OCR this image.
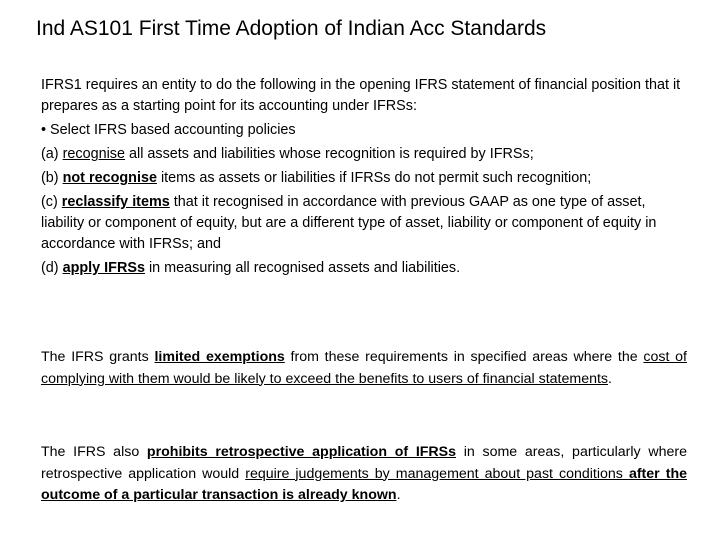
Ind AS101 First Time Adoption of Indian Acc Standards

IFRS1 requires an entity to do the following in the opening IFRS statement of financial position that it prepares as a starting point for its accounting under IFRSs:

• Select IFRS based accounting policies

(a) recognise all assets and liabilities whose recognition is required by IFRSs;

(b) not recognise items as assets or liabilities if IFRSs do not permit such recognition;

(c) reclassify items that it recognised in accordance with previous GAAP as one type of asset, liability or component of equity, but are a different type of asset, liability or component of equity in accordance with IFRSs; and

(d) apply IFRSs in measuring all recognised assets and liabilities.

The IFRS grants limited exemptions from these requirements in specified areas where the cost of complying with them would be likely to exceed the benefits to users of financial statements.

The IFRS also prohibits retrospective application of IFRSs in some areas, particularly where retrospective application would require judgements by management about past conditions after the outcome of a particular transaction is already known.
